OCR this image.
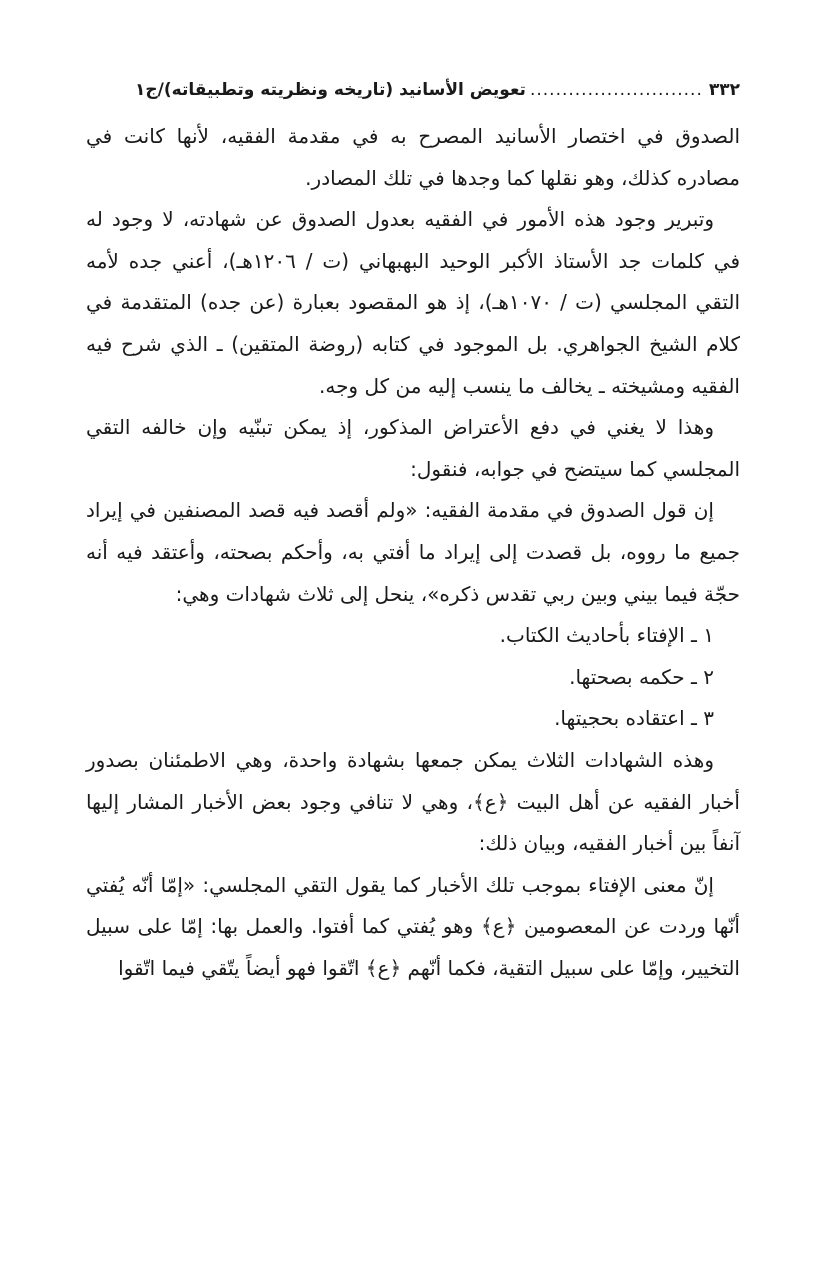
٣٣٢
...........................
تعويض الأسانيد (تاريخه ونظريته وتطبيقاته)/ج١

الصدوق في اختصار الأسانيد المصرح به في مقدمة الفقيه، لأنها كانت في مصادره كذلك، وهو نقلها كما وجدها في تلك المصادر.

وتبرير وجود هذه الأمور في الفقيه بعدول الصدوق عن شهادته، لا وجود له في كلمات جد الأستاذ الأكبر الوحيد البهبهاني (ت / ١٢٠٦هـ)، أعني جده لأمه التقي المجلسي (ت / ١٠٧٠هـ)، إذ هو المقصود بعبارة (عن جده) المتقدمة في كلام الشيخ الجواهري. بل الموجود في كتابه (روضة المتقين) ـ الذي شرح فيه الفقيه ومشيخته ـ يخالف ما ينسب إليه من كل وجه.

وهذا لا يغني في دفع الأعتراض المذكور، إذ يمكن تبنّيه وإن خالفه التقي المجلسي كما سيتضح في جوابه، فنقول:

إن قول الصدوق في مقدمة الفقيه: «ولم أقصد فيه قصد المصنفين في إيراد جميع ما رووه، بل قصدت إلى إيراد ما أفتي به، وأحكم بصحته، وأعتقد فيه أنه حجّة فيما بيني وبين ربي تقدس ذكره»، ينحل إلى ثلاث شهادات وهي:

١ ـ الإفتاء بأحاديث الكتاب.

٢ ـ حكمه بصحتها.

٣ ـ اعتقاده بحجيتها.

وهذه الشهادات الثلاث يمكن جمعها بشهادة واحدة، وهي الاطمئنان بصدور أخبار الفقيه عن أهل البيت ﴿ع﴾، وهي لا تنافي وجود بعض الأخبار المشار إليها آنفاً بين أخبار الفقيه، وبيان ذلك:

إنّ معنى الإفتاء بموجب تلك الأخبار كما يقول التقي المجلسي: «إمّا أنّه يُفتي أنّها وردت عن المعصومين ﴿ع﴾ وهو يُفتي كما أفتوا. والعمل بها: إمّا على سبيل التخيير، وإمّا على سبيل التقية، فكما أنّهم ﴿ع﴾ اتّقوا فهو أيضاً يتّقي فيما اتّقوا
